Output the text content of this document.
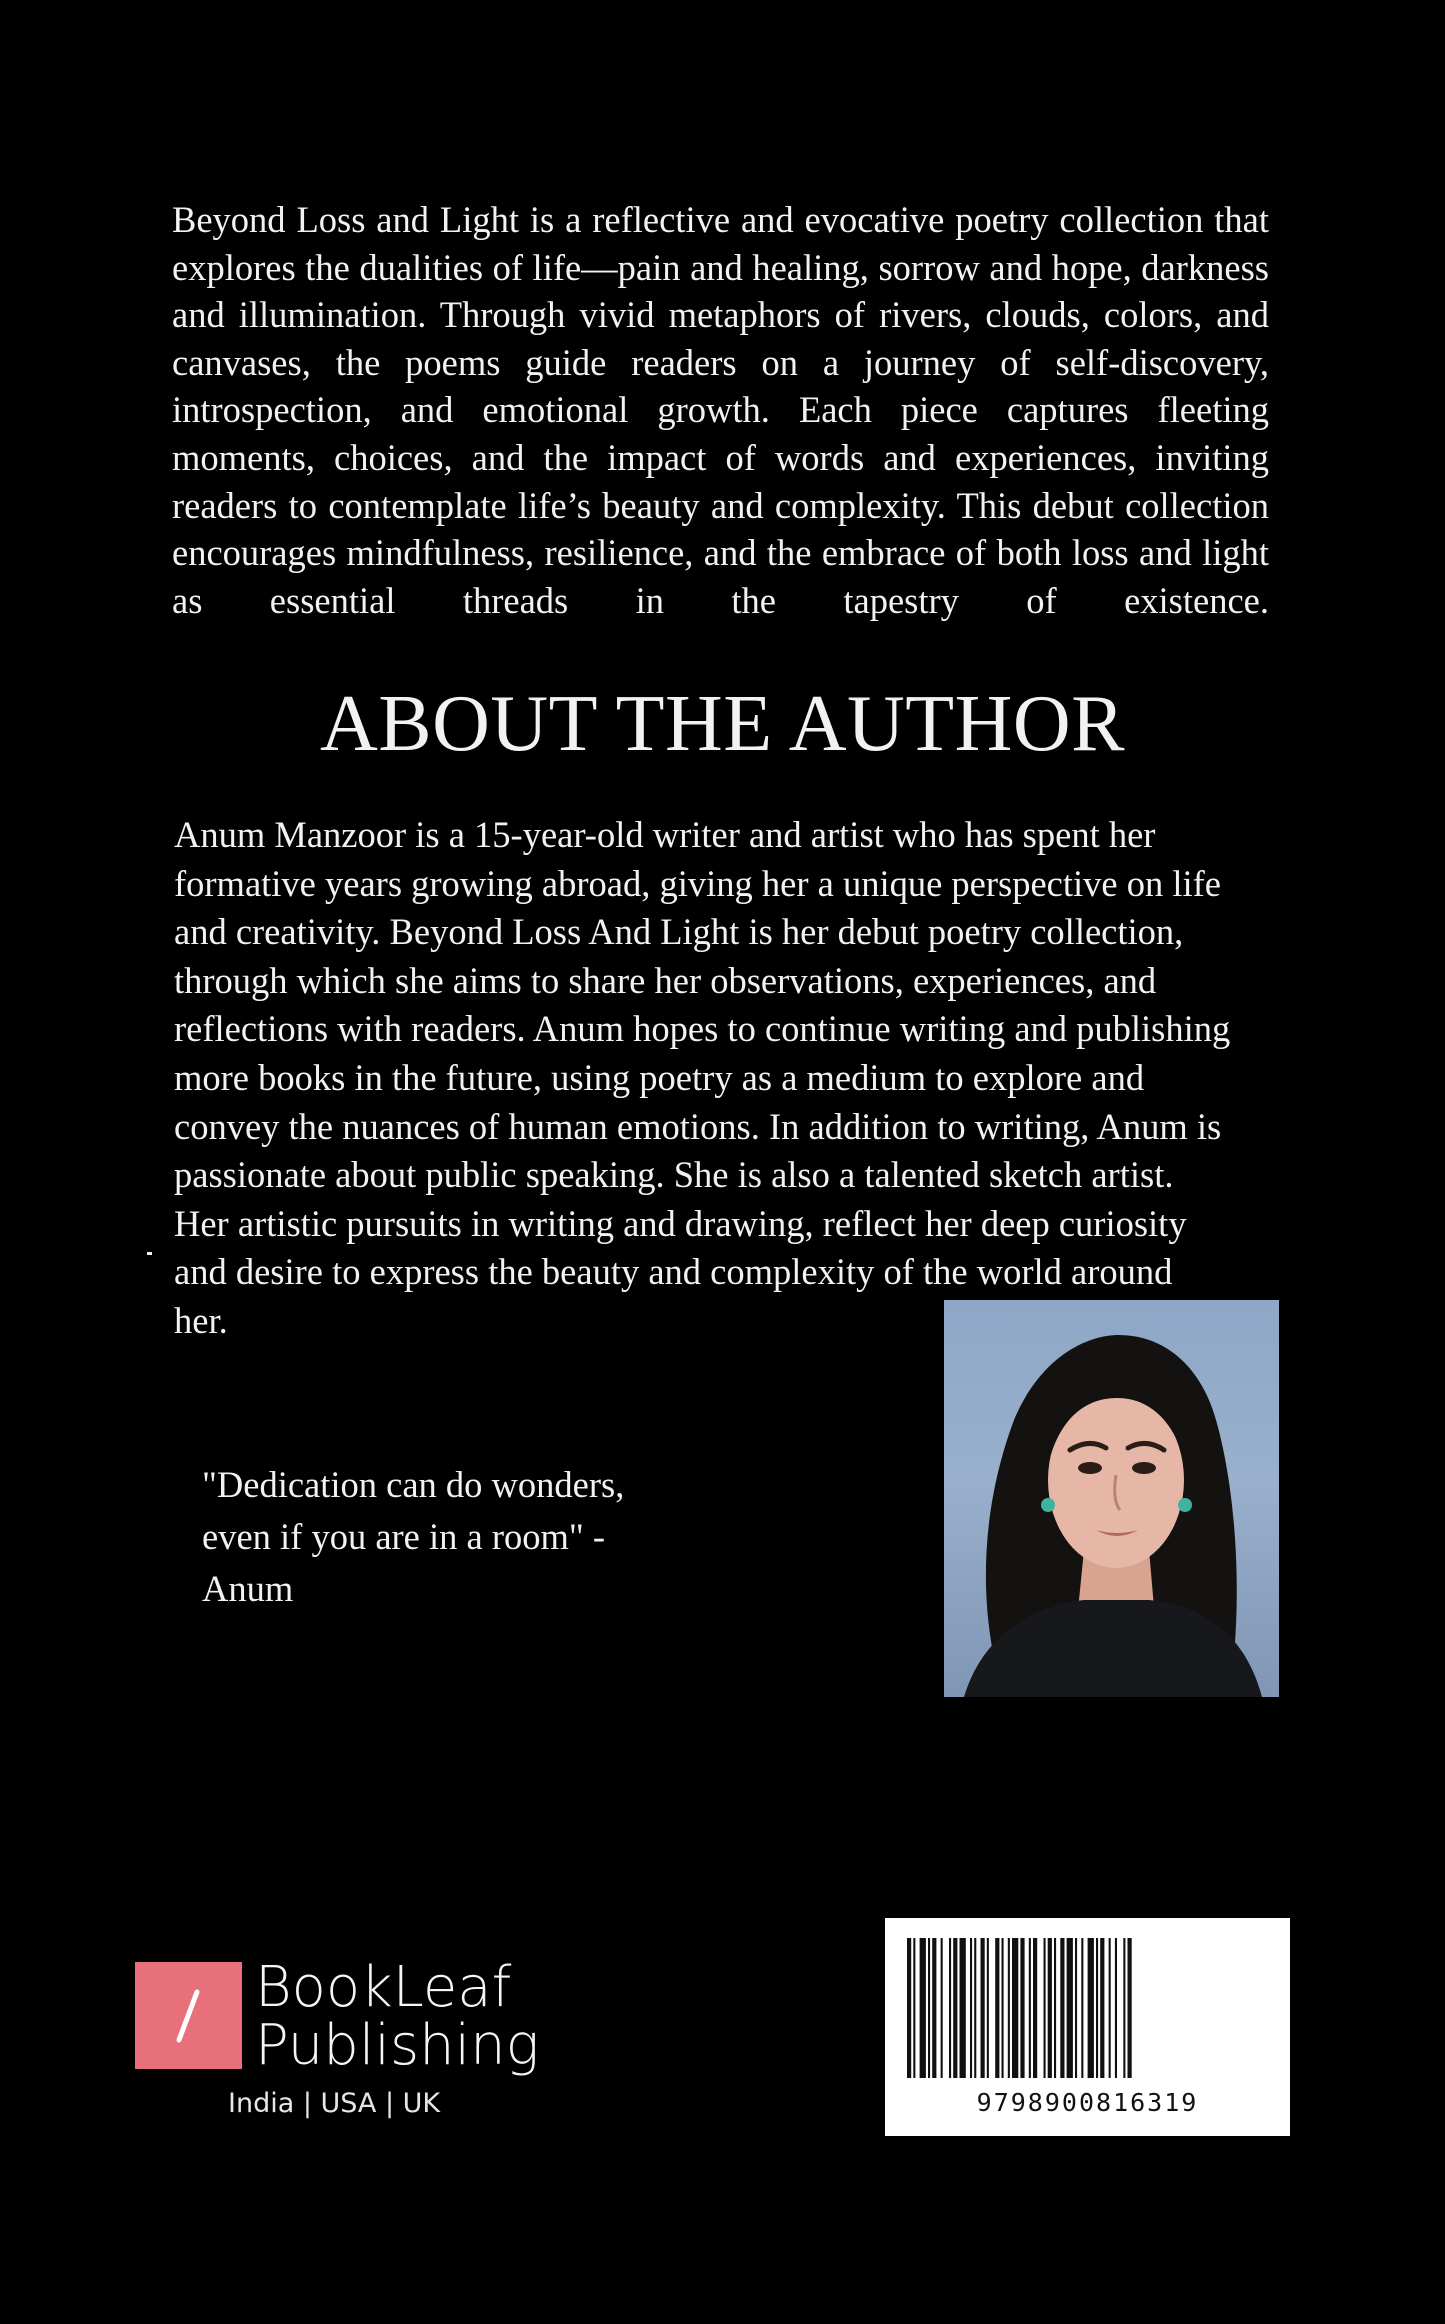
Beyond Loss and Light is a reflective and evocative poetry collection that explores the dualities of life—pain and healing, sorrow and hope, darkness and illumination. Through vivid metaphors of rivers, clouds, colors, and canvases, the poems guide readers on a journey of self-discovery, introspection, and emotional growth. Each piece captures fleeting moments, choices, and the impact of words and experiences, inviting readers to contemplate life’s beauty and complexity. This debut collection encourages mindfulness, resilience, and the embrace of both loss and light as essential threads in the tapestry of existence.
ABOUT THE AUTHOR
Anum Manzoor is a 15-year-old writer and artist who has spent her formative years growing abroad, giving her a unique perspective on life and creativity. Beyond Loss And Light is her debut poetry collection, through which she aims to share her observations, experiences, and reflections with readers. Anum hopes to continue writing and publishing more books in the future, using poetry as a medium to explore and convey the nuances of human emotions. In addition to writing, Anum is passionate about public speaking. She is also a talented sketch artist. Her artistic pursuits in writing and drawing, reflect her deep curiosity and desire to express the beauty and complexity of the world around her.
"Dedication can do wonders,
even if you are in a room" -
Anum
BookLeaf
Publishing
India | USA | UK	9798900816319
